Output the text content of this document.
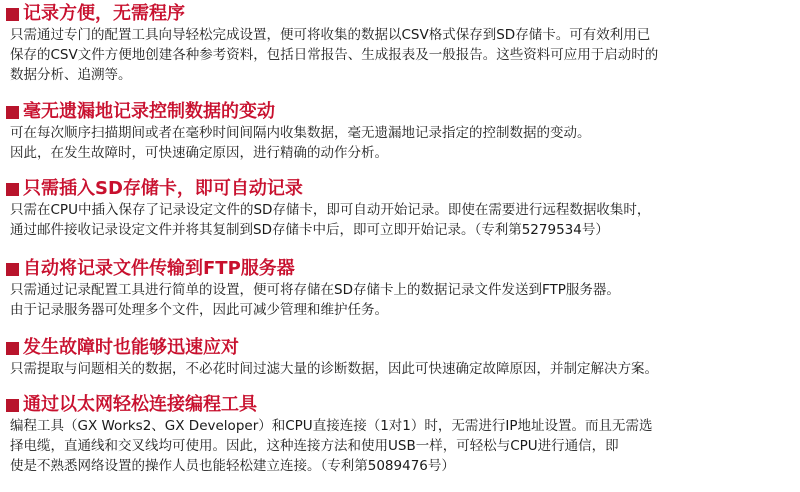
记录方便，无需程序

只需通过专门的配置工具向导轻松完成设置，便可将收集的数据以CSV格式保存到SD存储卡。可有效利用已

保存的CSV文件方便地创建各种参考资料，包括日常报告、生成报表及一般报告。这些资料可应用于启动时的

数据分析、追溯等。

毫无遗漏地记录控制数据的变动

可在每次顺序扫描期间或者在毫秒时间间隔内收集数据，毫无遗漏地记录指定的控制数据的变动。

因此，在发生故障时，可快速确定原因，进行精确的动作分析。

只需插入SD存储卡，即可自动记录

只需在CPU中插入保存了记录设定文件的SD存储卡，即可自动开始记录。即使在需要进行远程数据收集时，

通过邮件接收记录设定文件并将其复制到SD存储卡中后，即可立即开始记录。（专利第5279534号）

自动将记录文件传输到FTP服务器

只需通过记录配置工具进行简单的设置，便可将存储在SD存储卡上的数据记录文件发送到FTP服务器。

由于记录服务器可处理多个文件，因此可减少管理和维护任务。

发生故障时也能够迅速应对

只需提取与问题相关的数据，不必花时间过滤大量的诊断数据，因此可快速确定故障原因，并制定解决方案。

通过以太网轻松连接编程工具

编程工具（GX Works2、GX Developer）和CPU直接连接（1对1）时，无需进行IP地址设置。而且无需选

择电缆，直通线和交叉线均可使用。因此，这种连接方法和使用USB一样，可轻松与CPU进行通信，即

使是不熟悉网络设置的操作人员也能轻松建立连接。（专利第5089476号）
